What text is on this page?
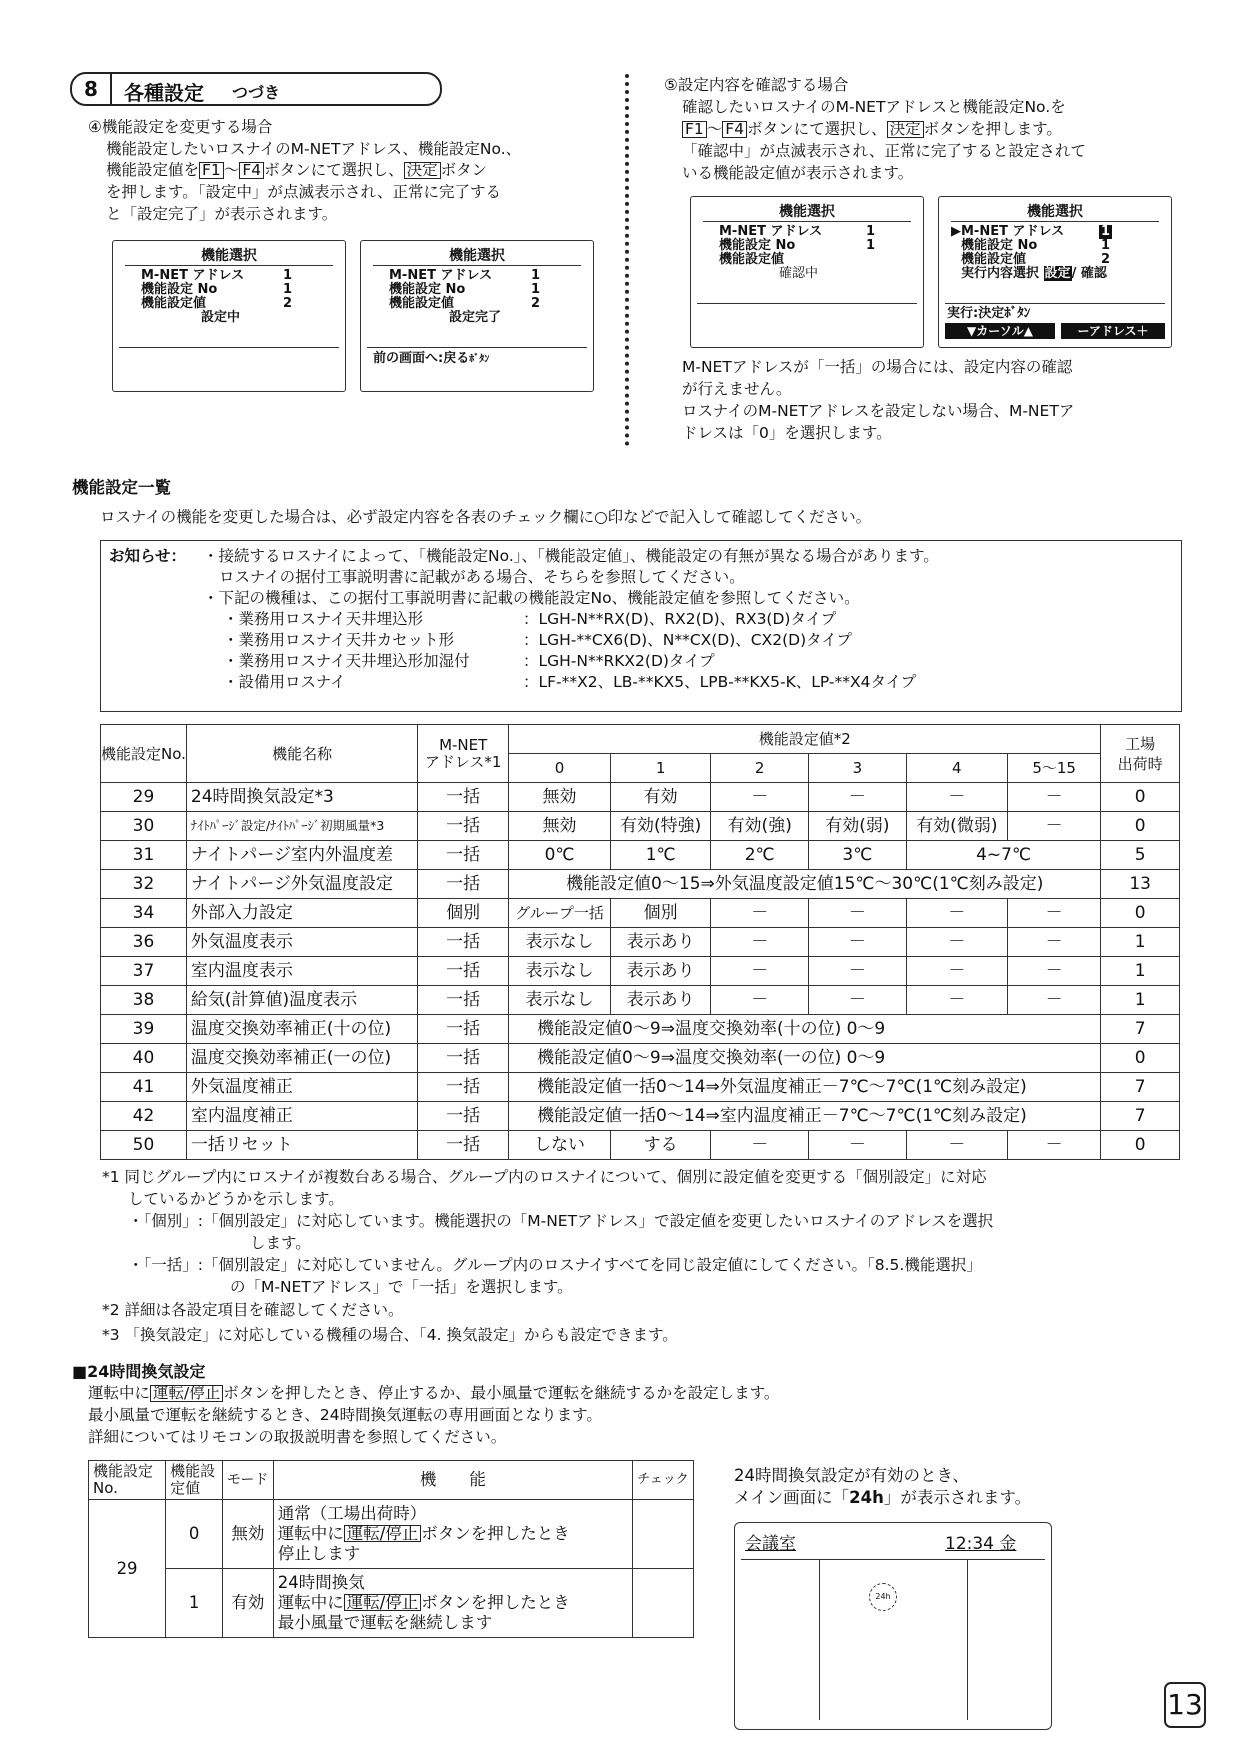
8	各種設定 つづき
④機能設定を変更する場合
機能設定したいロスナイのM-NETアドレス、機能設定No.、
機能設定値を F1 ～ F4 ボタンにて選択し、 決定 ボタン
を押します。「設定中」が点滅表示され、正常に完了する
と「設定完了」が表示されます。
機能選択
M-NET アドレス	1
機能設定 No	1
機能設定値	2
設定中
機能選択
M-NET アドレス	1
機能設定 No	1
機能設定値	2
設定完了
前の画面へ:戻るﾎﾞﾀﾝ
⑤設定内容を確認する場合
確認したいロスナイのM-NETアドレスと機能設定No.を
F1 ～ F4 ボタンにて選択し、 決定 ボタンを押します。
「確認中」が点滅表示され、正常に完了すると設定されて
いる機能設定値が表示されます。
機能選択
M-NET アドレス	1
機能設定 No	1
機能設定値
確認中
機能選択
▶M-NET アドレス	1
機能設定 No	1
機能設定値	2
実行内容選択 設定/ 確認
実行:決定ﾎﾞﾀﾝ
▼カーソル▲	ーアドレス＋
M-NETアドレスが「一括」の場合には、設定内容の確認
が行えません。
ロスナイのM-NETアドレスを設定しない場合、M-NETア
ドレスは「0」を選択します。
機能設定一覧
ロスナイの機能を変更した場合は、必ず設定内容を各表のチェック欄に○印などで記入して確認してください。
お知らせ： ・接続するロスナイによって、「機能設定No.」、「機能設定値」、機能設定の有無が異なる場合があります。
ロスナイの据付工事説明書に記載がある場合、そちらを参照してください。
・下記の機種は、この据付工事説明書に記載の機能設定No、機能設定値を参照してください。
・業務用ロスナイ天井埋込形	：LGH-N**RX(D)、RX2(D)、RX3(D)タイプ
・業務用ロスナイ天井カセット形	：LGH-**CX6(D)、N**CX(D)、CX2(D)タイプ
・業務用ロスナイ天井埋込形加湿付	：LGH-N**RKX2(D)タイプ
・設備用ロスナイ	：LF-**X2、LB-**KX5、LPB-**KX5-K、LP-**X4タイプ
機能設定No.	機能名称	M-NET
アドレス*1	機能設定値*2						工場
出荷時
			0	1	2	3	4	5～15	
29	24時間換気設定*3	一括	無効	有効	－	－	－	－	0
30	ﾅｲﾄﾊﾟｰｼﾞ設定/ﾅｲﾄﾊﾟｰｼﾞ初期風量*3	一括	無効	有効(特強)	有効(強)	有効(弱)	有効(微弱)	－	0
31	ナイトパージ室内外温度差	一括	0℃	1℃	2℃	3℃	4~7℃		5
32	ナイトパージ外気温度設定	一括	機能設定値0～15⇒外気温度設定値15℃～30℃(1℃刻み設定)						13
34	外部入力設定	個別	グループ一括	個別	－	－	－	－	0
36	外気温度表示	一括	表示なし	表示あり	－	－	－	－	1
37	室内温度表示	一括	表示なし	表示あり	－	－	－	－	1
38	給気(計算値)温度表示	一括	表示なし	表示あり	－	－	－	－	1
39	温度交換効率補正(十の位)	一括	機能設定値0～9⇒温度交換効率(十の位) 0～9						7
40	温度交換効率補正(一の位)	一括	機能設定値0～9⇒温度交換効率(一の位) 0～9						0
41	外気温度補正	一括	機能設定値一括0～14⇒外気温度補正－7℃～7℃(1℃刻み設定)						7
42	室内温度補正	一括	機能設定値一括0～14⇒室内温度補正－7℃～7℃(1℃刻み設定)						7
50	一括リセット	一括	しない	する	－	－	－	－	0
*1 同じグループ内にロスナイが複数台ある場合、グループ内のロスナイについて、個別に設定値を変更する「個別設定」に対応
しているかどうかを示します。
・「個別」:「個別設定」に対応しています。機能選択の「M-NETアドレス」で設定値を変更したいロスナイのアドレスを選択
します。
・「一括」:「個別設定」に対応していません。グループ内のロスナイすべてを同じ設定値にしてください。「8.5.機能選択」
の「M-NETアドレス」で「一括」を選択します。
*2 詳細は各設定項目を確認してください。
*3 「換気設定」に対応している機種の場合、「4. 換気設定」からも設定できます。
■24時間換気設定
運転中に 運転/停止 ボタンを押したとき、停止するか、最小風量で運転を継続するかを設定します。
最小風量で運転を継続するとき、24時間換気運転の専用画面となります。
詳細についてはリモコンの取扱説明書を参照してください。
機能設定No.	機能設定値	モード	機　　能	チェック
29	0	無効	通常（工場出荷時）
運転中に 運転/停止 ボタンを押したとき
停止します	

	1	有効	24時間換気
運転中に 運転/停止 ボタンを押したとき
最小風量で運転を継続します	

24時間換気設定が有効のとき、
メイン画面に「24h」が表示されます。
会議室	12:34 金
24h
13
